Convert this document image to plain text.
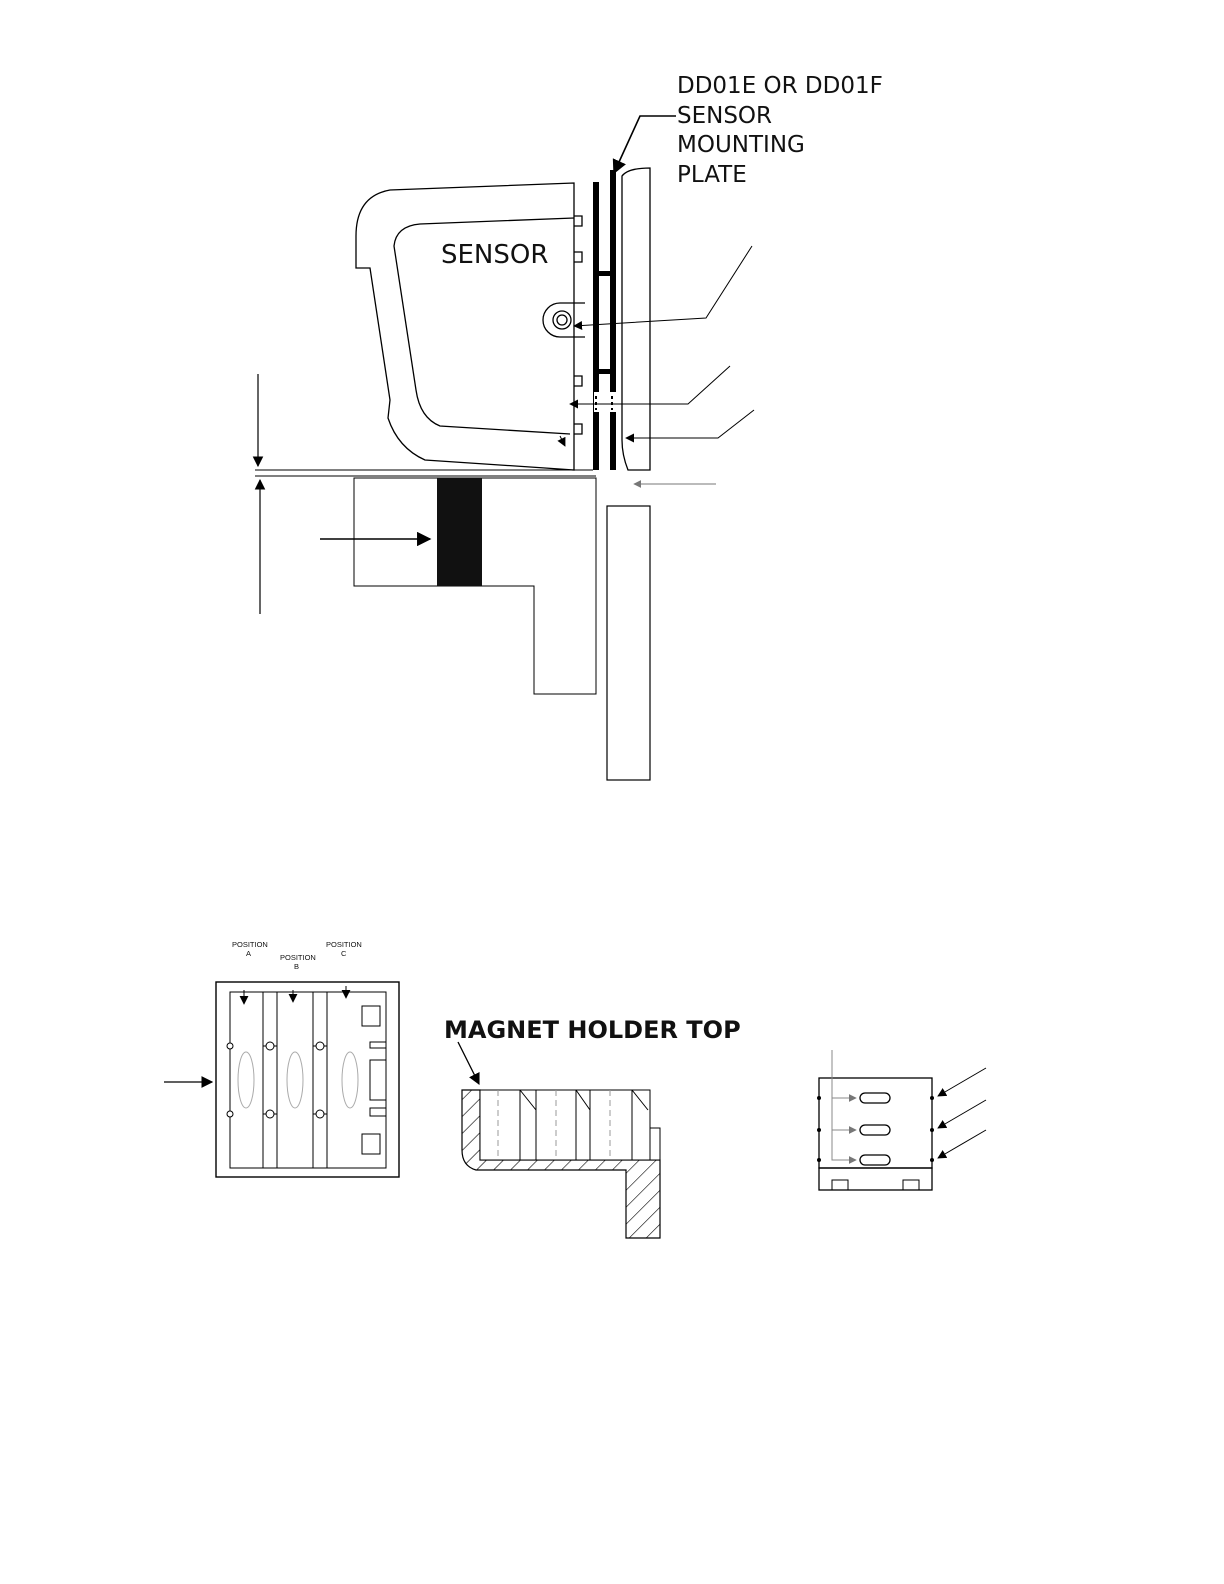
DD01E OR DD01F SENSOR MOUNTING PLATE
SENSOR
POSITION A	POSITION B
POSITION C
MAGNET HOLDER TOP
